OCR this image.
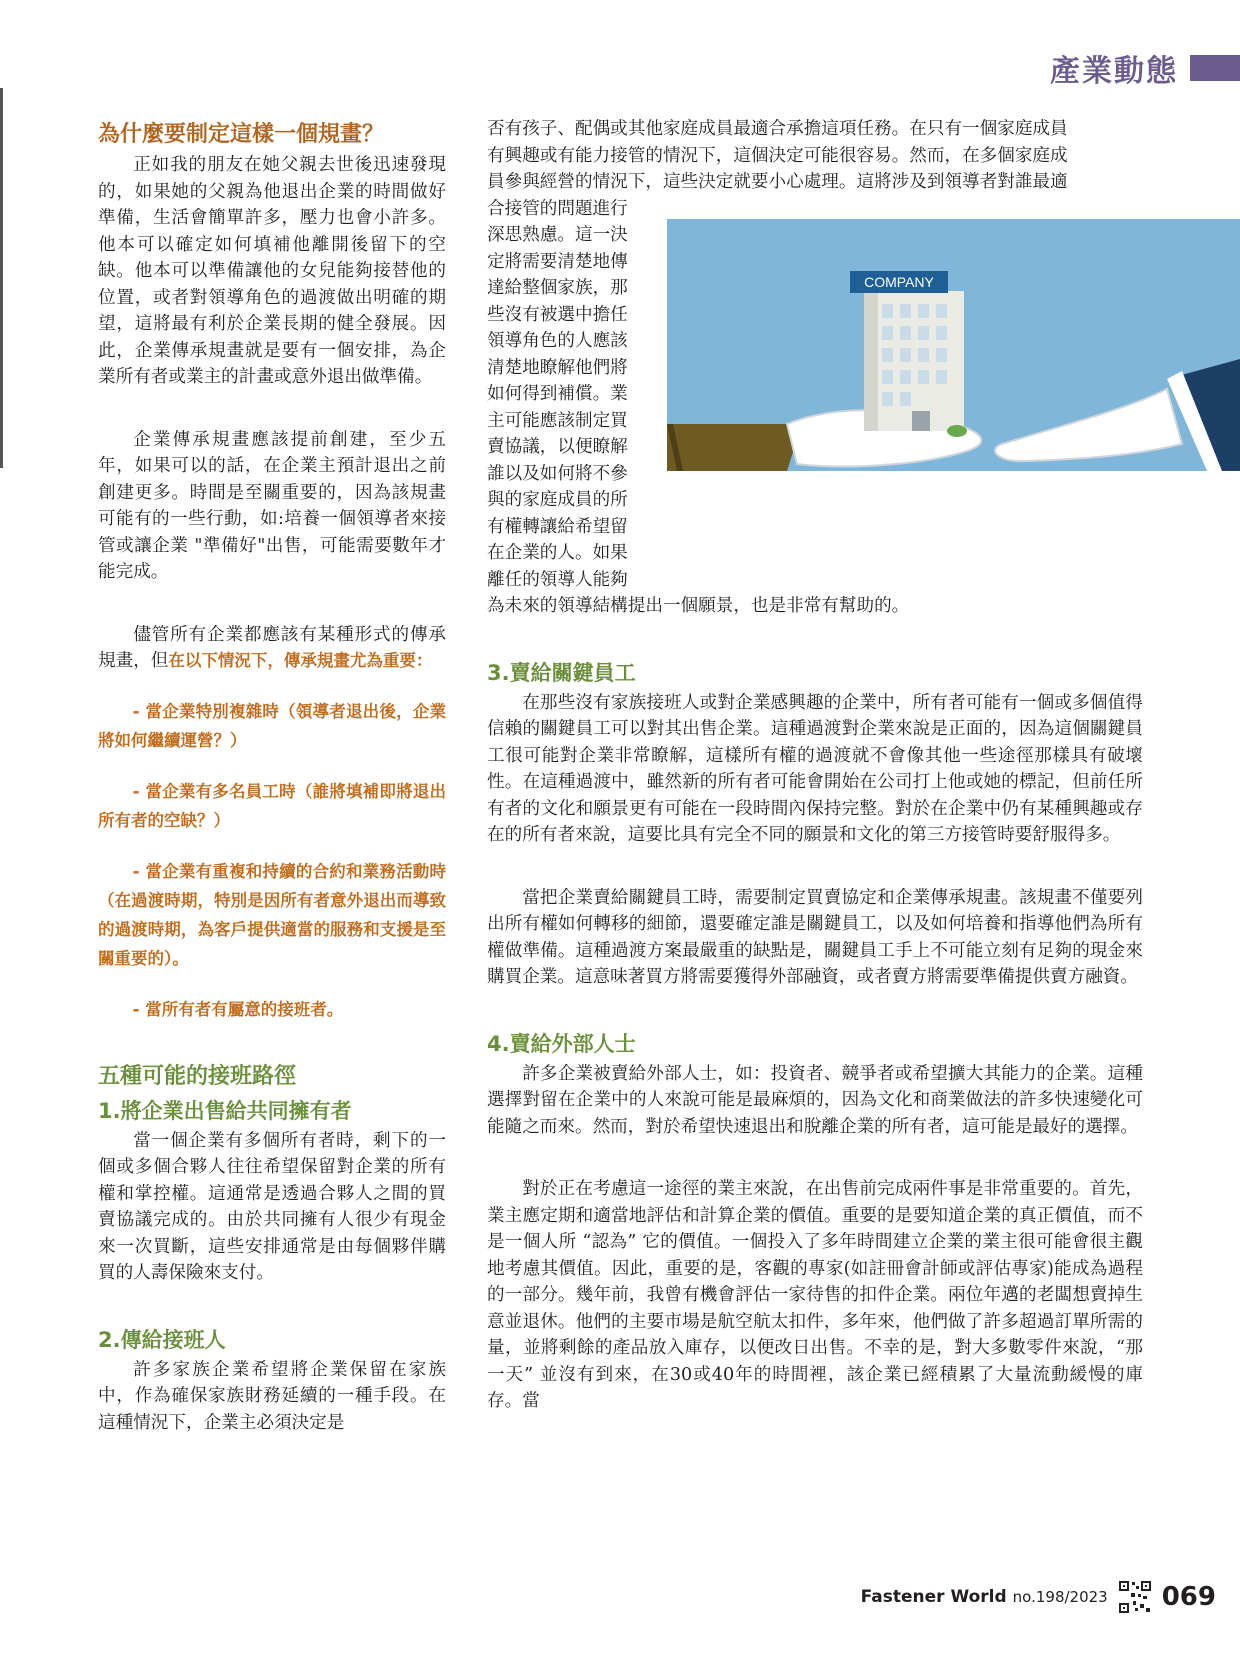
產業動態
為什麼要制定這樣一個規畫？

正如我的朋友在她父親去世後迅速發現的，如果她的父親為他退出企業的時間做好準備，生活會簡單許多，壓力也會小許多。他本可以確定如何填補他離開後留下的空缺。他本可以準備讓他的女兒能夠接替他的位置，或者對領導角色的過渡做出明確的期望，這將最有利於企業長期的健全發展。因此，企業傳承規畫就是要有一個安排，為企業所有者或業主的計畫或意外退出做準備。

企業傳承規畫應該提前創建，至少五年，如果可以的話，在企業主預計退出之前創建更多。時間是至關重要的，因為該規畫可能有的一些行動，如:培養一個領導者來接管或讓企業 "準備好"出售，可能需要數年才能完成。

儘管所有企業都應該有某種形式的傳承規畫，但在以下情況下，傳承規畫尤為重要：

- 當企業特別複雜時（領導者退出後，企業將如何繼續運營？）

- 當企業有多名員工時（誰將填補即將退出所有者的空缺？）

- 當企業有重複和持續的合約和業務活動時（在過渡時期，特別是因所有者意外退出而導致的過渡時期，為客戶提供適當的服務和支援是至關重要的）。

- 當所有者有屬意的接班者。

五種可能的接班路徑
1.將企業出售給共同擁有者

當一個企業有多個所有者時，剩下的一個或多個合夥人往往希望保留對企業的所有權和掌控權。這通常是透過合夥人之間的買賣協議完成的。由於共同擁有人很少有現金來一次買斷，這些安排通常是由每個夥伴購買的人壽保險來支付。

2.傳給接班人

許多家族企業希望將企業保留在家族中，作為確保家族財務延續的一種手段。在這種情況下，企業主必須決定是

否有孩子、配偶或其他家庭成員最適合承擔這項任務。在只有一個家庭成員

有興趣或有能力接管的情況下，這個決定可能很容易。然而，在多個家庭成

員參與經營的情況下，這些決定就要小心處理。這將涉及到領導者對誰最適

合接管的問題進行

深思熟慮。這一決

定將需要清楚地傳

達給整個家族，那

些沒有被選中擔任

領導角色的人應該

清楚地瞭解他們將

如何得到補償。業

主可能應該制定買

賣協議，以便瞭解

誰以及如何將不參

與的家庭成員的所

有權轉讓給希望留

在企業的人。如果

離任的領導人能夠

為未來的領導結構提出一個願景，也是非常有幫助的。

3.賣給關鍵員工

在那些沒有家族接班人或對企業感興趣的企業中，所有者可能有一個或多個值得信賴的關鍵員工可以對其出售企業。這種過渡對企業來說是正面的，因為這個關鍵員工很可能對企業非常瞭解，這樣所有權的過渡就不會像其他一些途徑那樣具有破壞性。在這種過渡中，雖然新的所有者可能會開始在公司打上他或她的標記，但前任所有者的文化和願景更有可能在一段時間內保持完整。對於在企業中仍有某種興趣或存在的所有者來說，這要比具有完全不同的願景和文化的第三方接管時要舒服得多。

當把企業賣給關鍵員工時，需要制定買賣協定和企業傳承規畫。該規畫不僅要列出所有權如何轉移的細節，還要確定誰是關鍵員工，以及如何培養和指導他們為所有權做準備。這種過渡方案最嚴重的缺點是，關鍵員工手上不可能立刻有足夠的現金來購買企業。這意味著買方將需要獲得外部融資，或者賣方將需要準備提供賣方融資。

4.賣給外部人士

許多企業被賣給外部人士，如：投資者、競爭者或希望擴大其能力的企業。這種選擇對留在企業中的人來說可能是最麻煩的，因為文化和商業做法的許多快速變化可能隨之而來。然而，對於希望快速退出和脫離企業的所有者，這可能是最好的選擇。

對於正在考慮這一途徑的業主來說，在出售前完成兩件事是非常重要的。首先，業主應定期和適當地評估和計算企業的價值。重要的是要知道企業的真正價值，而不是一個人所 “認為” 它的價值。一個投入了多年時間建立企業的業主很可能會很主觀地考慮其價值。因此，重要的是，客觀的專家(如註冊會計師或評估專家)能成為過程的一部分。幾年前，我曾有機會評估一家待售的扣件企業。兩位年邁的老闆想賣掉生意並退休。他們的主要市場是航空航太扣件，多年來，他們做了許多超過訂單所需的量，並將剩餘的產品放入庫存，以便改日出售。不幸的是，對大多數零件來說，“那一天” 並沒有到來，在30或40年的時間裡，該企業已經積累了大量流動緩慢的庫存。當

COMPANY
Fastener World no.198/2023 069
